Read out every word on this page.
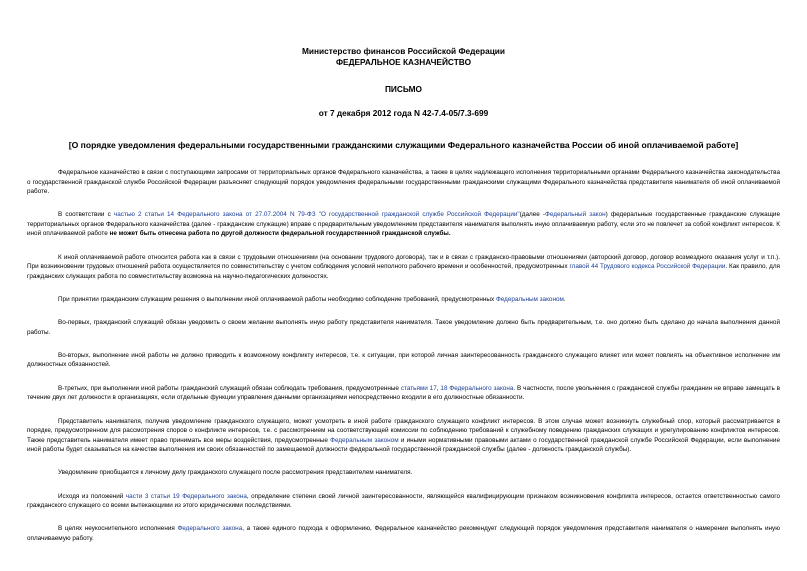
Министерство финансов Российской Федерации
ФЕДЕРАЛЬНОЕ КАЗНАЧЕЙСТВО
ПИСЬМО
от 7 декабря 2012 года N 42-7.4-05/7.3-699
[О порядке уведомления федеральными государственными гражданскими служащими Федерального казначейства России об иной оплачиваемой работе]

Федеральное казначейство в связи с поступающими запросами от территориальных органов Федерального казначейства, а также в целях надлежащего исполнения территориальными органами Федерального казначейства законодательства о государственной гражданской службе Российской Федерации разъясняет следующий порядок уведомления федеральными государственными гражданскими служащими Федерального казначейства представителя нанимателя об иной оплачиваемой работе.

В соответствии с частью 2 статьи 14 Федерального закона от 27.07.2004 N 79-ФЗ "О государственной гражданской службе Российской Федерации"(далее -Федеральный закон) федеральные государственные гражданские служащие территориальных органов Федерального казначейства (далее - гражданские служащие) вправе с предварительным уведомлением представителя нанимателя выполнять иную оплачиваемую работу, если это не повлечет за собой конфликт интересов. К иной оплачиваемой работе не может быть отнесена работа по другой должности федеральной государственной гражданской службы.

К иной оплачиваемой работе относится работа как в связи с трудовыми отношениями (на основании трудового договора), так и в связи с гражданско-правовыми отношениями (авторский договор, договор возмездного оказания услуг и т.п.). При возникновении трудовых отношений работа осуществляется по совместительству с учетом соблюдения условий неполного рабочего времени и особенностей, предусмотренных главой 44 Трудового кодекса Российской Федерации. Как правило, для гражданских служащих работа по совместительству возможна на научно-педагогических должностях.

При принятии гражданским служащим решения о выполнении иной оплачиваемой работы необходимо соблюдение требований, предусмотренных Федеральным законом.

Во-первых, гражданский служащий обязан уведомить о своем желании выполнять иную работу представителя нанимателя. Такое уведомление должно быть предварительным, т.е. оно должно быть сделано до начала выполнения данной работы.

Во-вторых, выполнение иной работы не должно приводить к возможному конфликту интересов, т.е. к ситуации, при которой личная заинтересованность гражданского служащего влияет или может повлиять на объективное исполнение им должностных обязанностей.

В-третьих, при выполнении иной работы гражданский служащий обязан соблюдать требования, предусмотренные статьями 17, 18 Федерального закона. В частности, после увольнения с гражданской службы гражданин не вправе замещать в течение двух лет должности в организациях, если отдельные функции управления данными организациями непосредственно входили в его должностные обязанности.

Представитель нанимателя, получив уведомление гражданского служащего, может усмотреть в иной работе гражданского служащего конфликт интересов. В этом случае может возникнуть служебный спор, который рассматривается в порядке, предусмотренном для рассмотрения споров о конфликте интересов, т.е. с рассмотрением на соответствующей комиссии по соблюдению требований к служебному поведению гражданских служащих и урегулированию конфликтов интересов. Также представитель нанимателя имеет право принимать все меры воздействия, предусмотренные Федеральным законом и иными нормативными правовыми актами о государственной гражданской службе Российской Федерации, если выполнение иной работы будет сказываться на качестве выполнения им своих обязанностей по замещаемой должности федеральной государственной гражданской службы (далее - должность гражданской службы).

Уведомление приобщается к личному делу гражданского служащего после рассмотрения представителем нанимателя.

Исходя из положений части 3 статьи 19 Федерального закона, определение степени своей личной заинтересованности, являющейся квалифицирующим признаком возникновения конфликта интересов, остается ответственностью самого гражданского служащего со всеми вытекающими из этого юридическими последствиями.

В целях неукоснительного исполнения Федерального закона, а также единого подхода к оформлению, Федеральное казначейство рекомендует следующий порядок уведомления представителя нанимателя о намерении выполнять иную оплачиваемую работу.
